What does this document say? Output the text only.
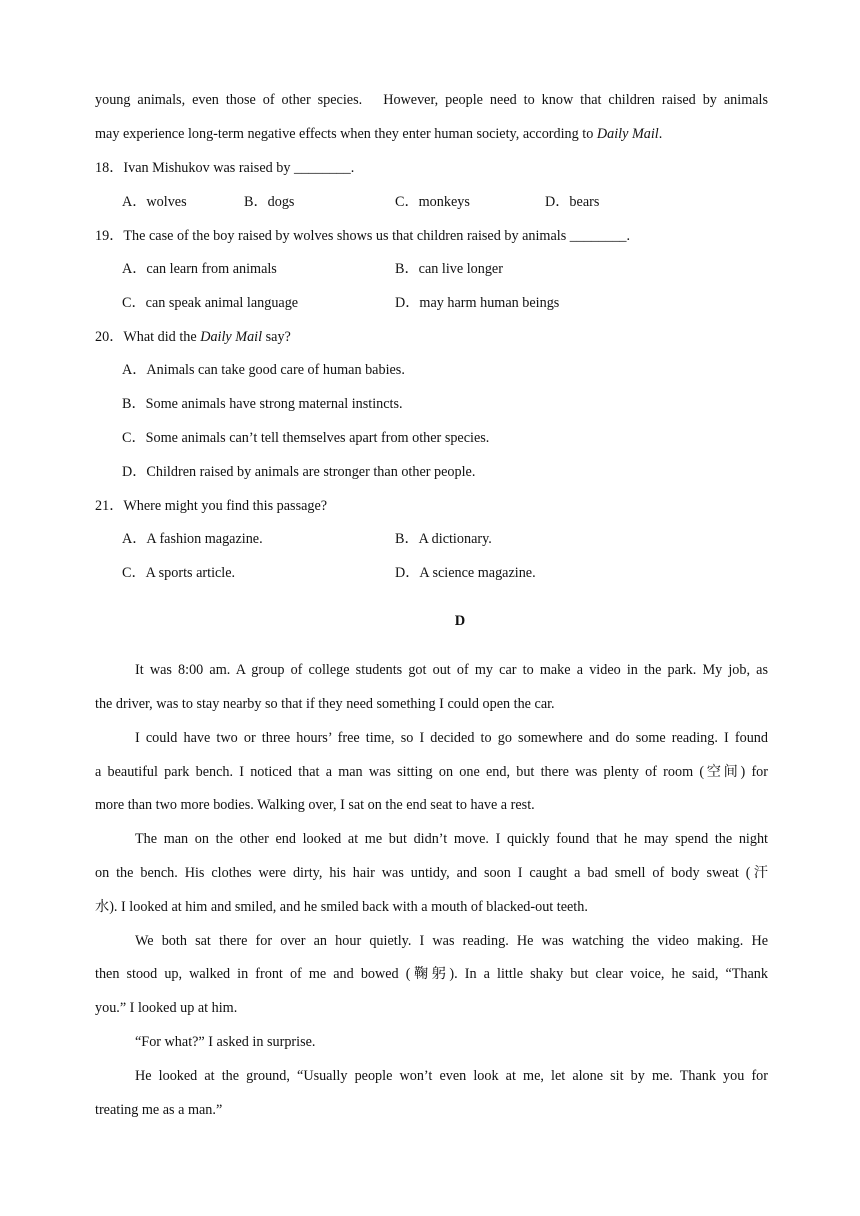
young animals, even those of other species.　However, people need to know that children raised by animals
may experience long-term negative effects when they enter human society, according to Daily Mail.
18．Ivan Mishukov was raised by ________.
A．wolves	B．dogs	C．monkeys	D．bears
19．The case of the boy raised by wolves shows us that children raised by animals ________.
A．can learn from animals	B．can live longer
C．can speak animal language	D．may harm human beings
20．What did the Daily Mail say?
A．Animals can take good care of human babies.
B．Some animals have strong maternal instincts.
C．Some animals can’t tell themselves apart from other species.
D．Children raised by animals are stronger than other people.
21．Where might you find this passage?
A．A fashion magazine.	B．A dictionary.
C．A sports article.	D．A science magazine.
D
It was 8:00 am. A group of college students got out of my car to make a video in the park. My job, as
the driver, was to stay nearby so that if they need something I could open the car.
I could have two or three hours’ free time, so I decided to go somewhere and do some reading. I found
a beautiful park bench. I noticed that a man was sitting on one end, but there was plenty of room (空间) for
more than two more bodies. Walking over, I sat on the end seat to have a rest.
The man on the other end looked at me but didn’t move. I quickly found that he may spend the night
on the bench. His clothes were dirty, his hair was untidy, and soon I caught a bad smell of body sweat (汗
水). I looked at him and smiled, and he smiled back with a mouth of blacked-out teeth.
We both sat there for over an hour quietly. I was reading. He was watching the video making. He
then stood up, walked in front of me and bowed (鞠躬). In a little shaky but clear voice, he said, “Thank
you.” I looked up at him.
“For what?” I asked in surprise.
He looked at the ground, “Usually people won’t even look at me, let alone sit by me. Thank you for
treating me as a man.”
